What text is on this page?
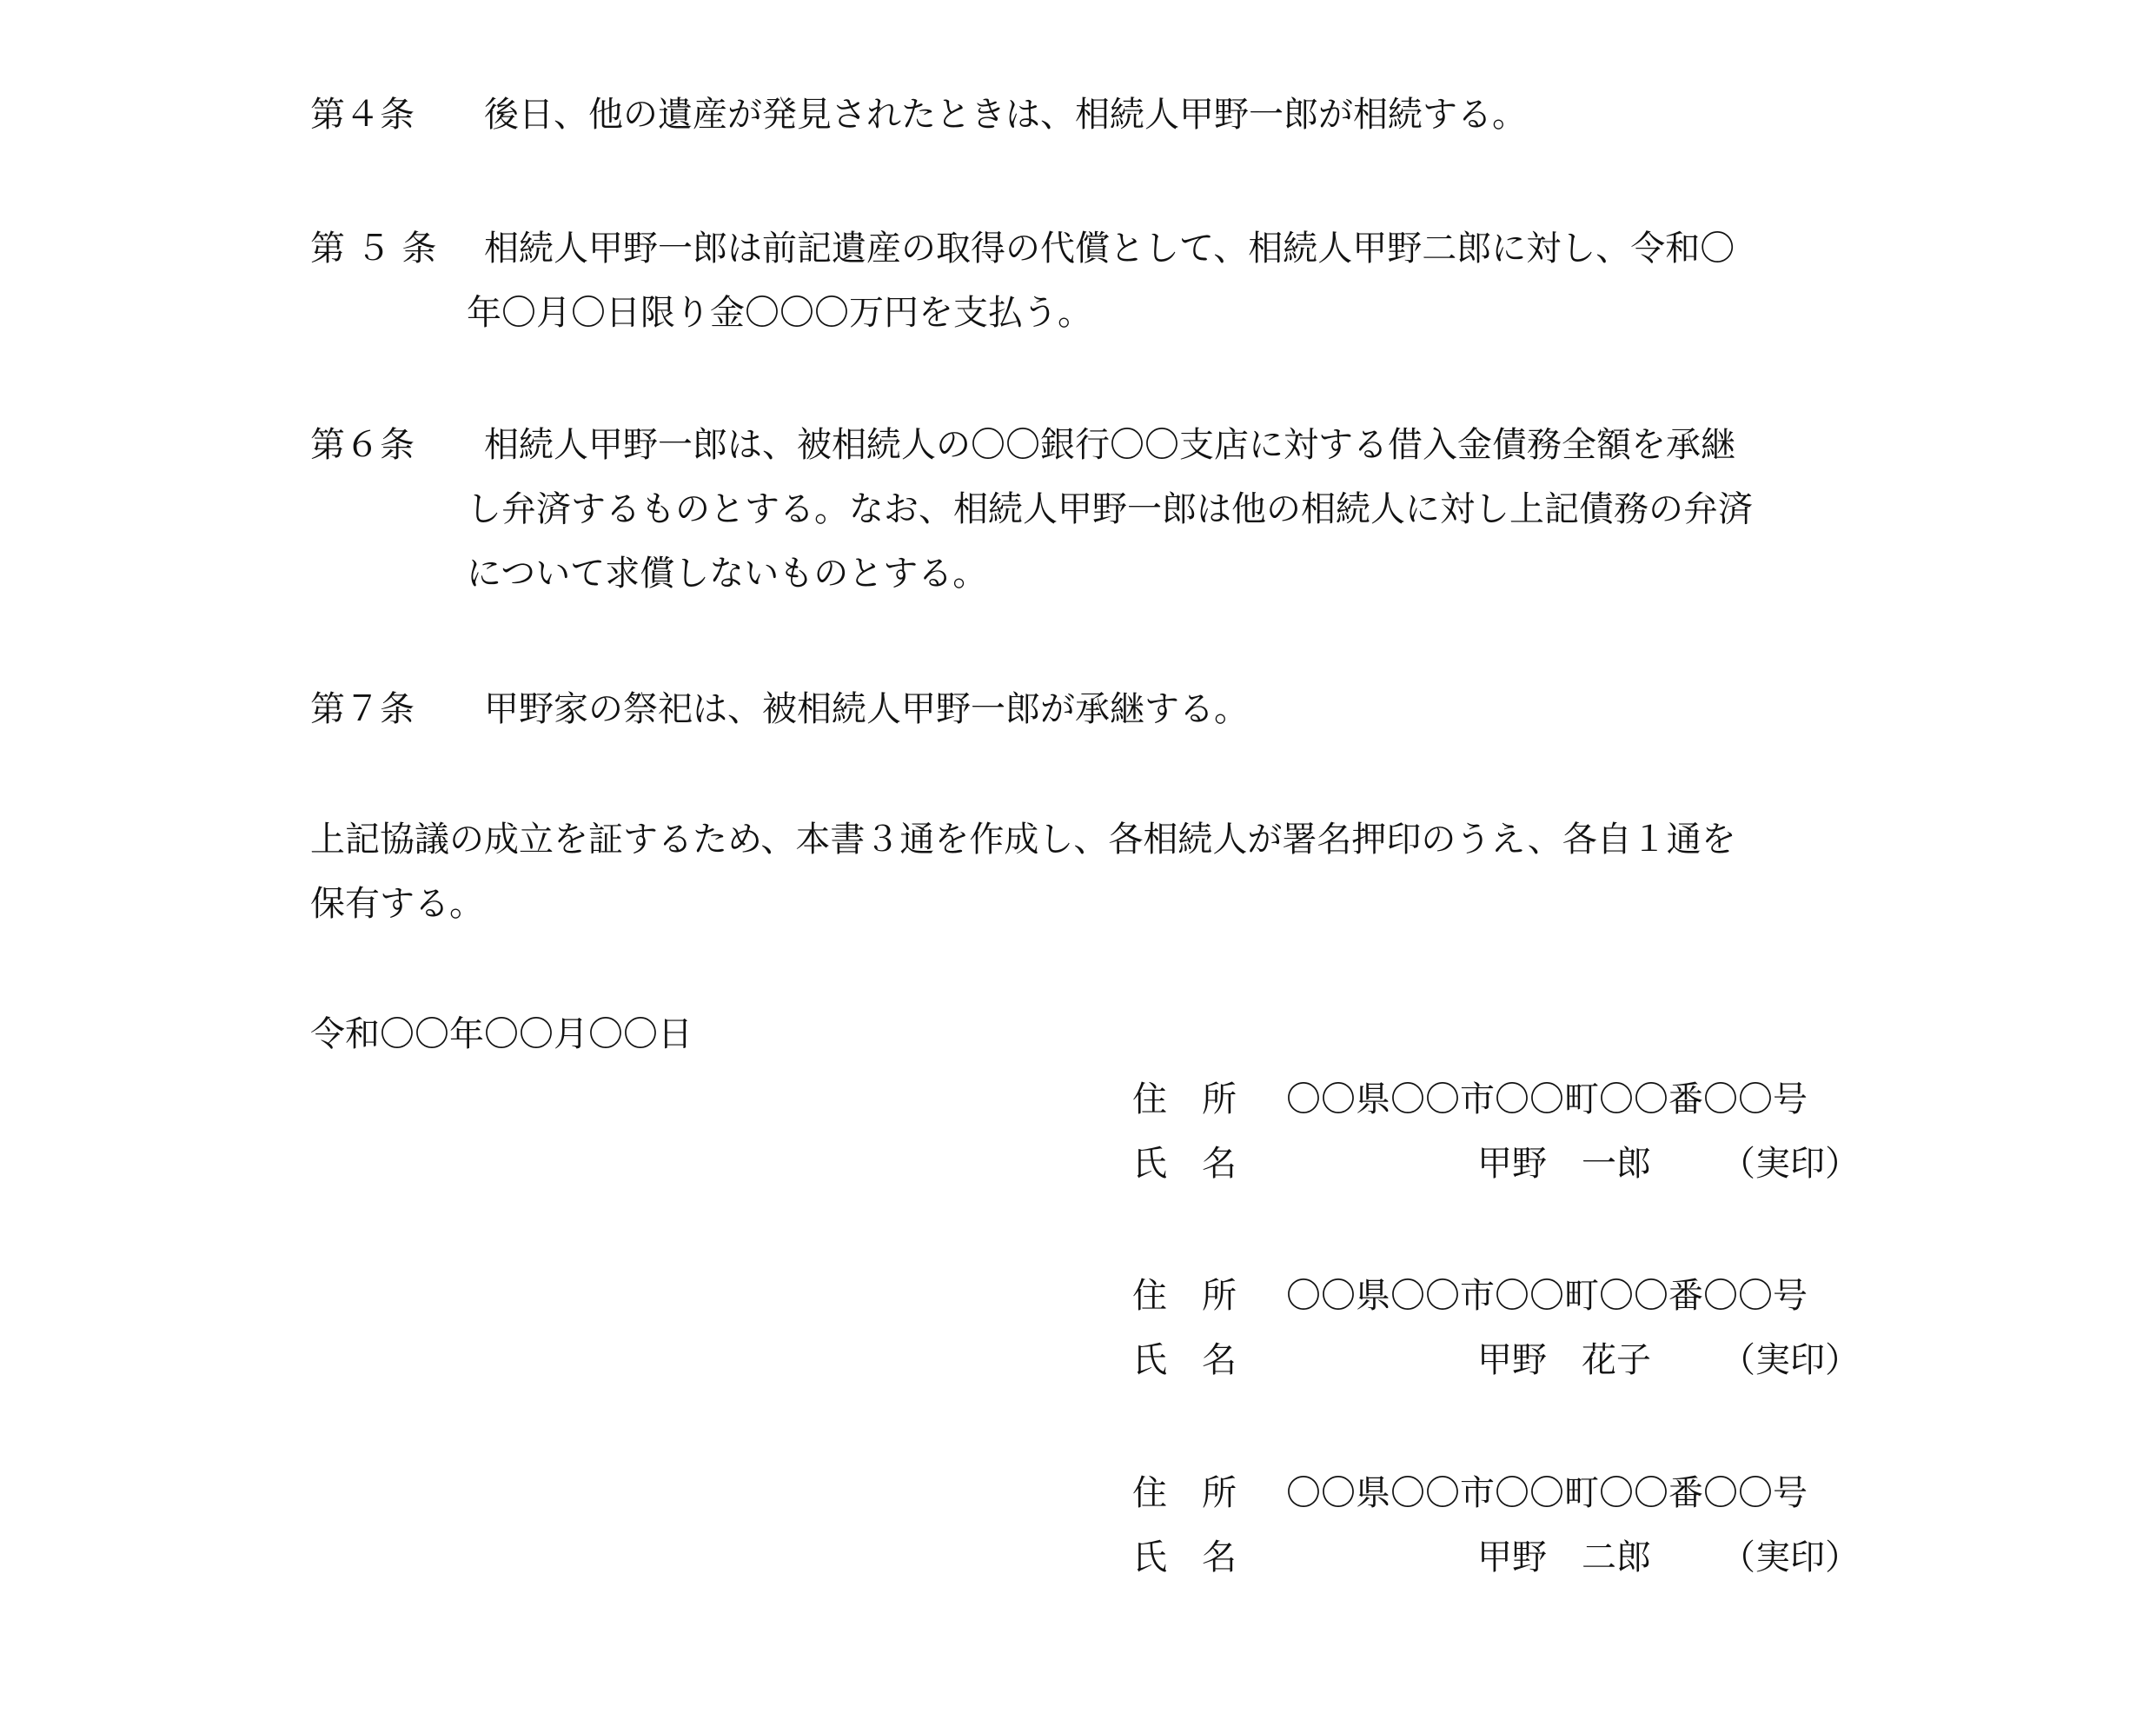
第４条 後日、他の遺産が発見されたときは、相続人甲野一郎が相続する。
第 ５ 条 相続人甲野一郎は前記遺産の取得の代償として、相続人甲野二郎に対し、令和〇
年〇月〇日限り金〇〇〇万円を支払う。
第６条 相続人甲野一郎は、被相続人の〇〇銀行〇〇支店に対する借入金債務全額を承継
し弁済するものとする。なお、相続人甲野一郎は他の相続人に対し上記債務の弁済
について求償しないものとする。
第７条 甲野家の祭祀は、被相続人甲野一郎が承継する。
上記協議の成立を証するため、本書３通を作成し、各相続人が署名押印のうえ、各自１通を
保有する。
令和〇〇年〇〇月〇〇日
住　所 〇〇県〇〇市〇〇町〇〇番〇〇号
氏　名	甲野　一郎 （実印）
住　所 〇〇県〇〇市〇〇町〇〇番〇〇号
氏　名	甲野　花子 （実印）
住　所 〇〇県〇〇市〇〇町〇〇番〇〇号
氏　名	甲野　二郎 （実印）
